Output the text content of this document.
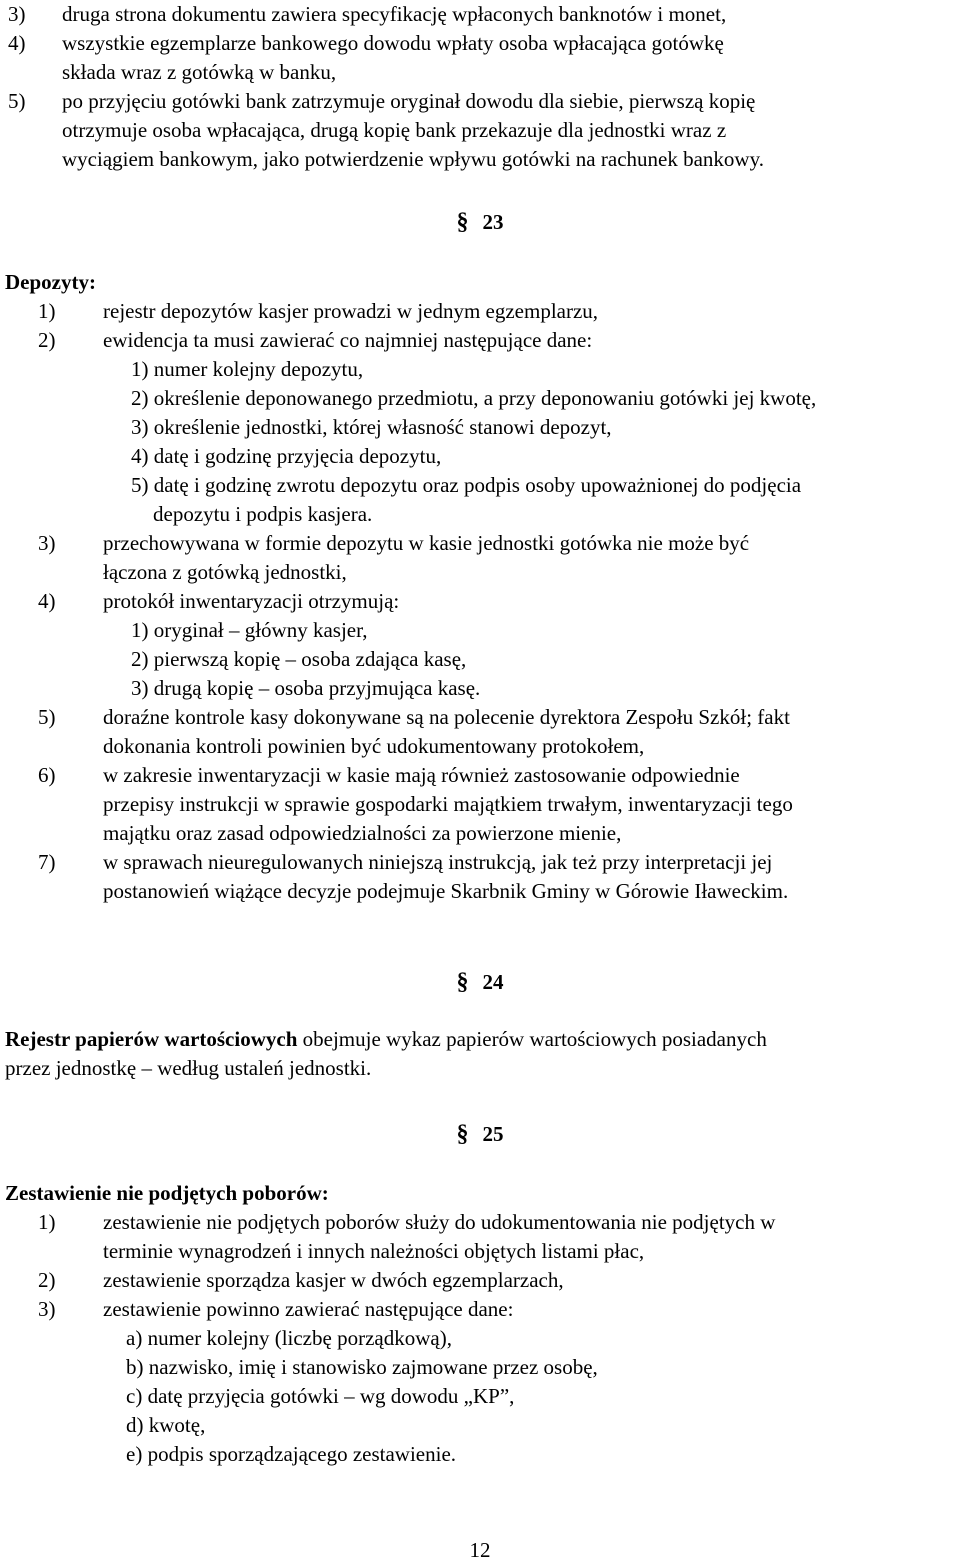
3) druga strona dokumentu zawiera specyfikację wpłaconych banknotów i monet,
4) wszystkie egzemplarze bankowego dowodu wpłaty osoba wpłacająca gotówkę
składa wraz z gotówką w banku,
5) po przyjęciu gotówki bank zatrzymuje oryginał dowodu dla siebie, pierwszą kopię
otrzymuje osoba wpłacająca, drugą kopię bank przekazuje dla jednostki wraz z
wyciągiem bankowym, jako potwierdzenie wpływu gotówki na rachunek bankowy.
§ 23
Depozyty:
1) rejestr depozytów kasjer prowadzi w jednym egzemplarzu,
2) ewidencja ta musi zawierać co najmniej następujące dane:
1) numer kolejny depozytu,
2) określenie deponowanego przedmiotu, a przy deponowaniu gotówki jej kwotę,
3) określenie jednostki, której własność stanowi depozyt,
4) datę i godzinę przyjęcia depozytu,
5) datę i godzinę zwrotu depozytu oraz podpis osoby upoważnionej do podjęcia
depozytu i podpis kasjera.
3) przechowywana w formie depozytu w kasie jednostki gotówka nie może być
łączona z gotówką jednostki,
4) protokół inwentaryzacji otrzymują:
1) oryginał – główny kasjer,
2) pierwszą kopię – osoba zdająca kasę,
3) drugą kopię – osoba przyjmująca kasę.
5) doraźne kontrole kasy dokonywane są na polecenie dyrektora Zespołu Szkół; fakt
dokonania kontroli powinien być udokumentowany protokołem,
6) w zakresie inwentaryzacji w kasie mają również zastosowanie odpowiednie
przepisy instrukcji w sprawie gospodarki majątkiem trwałym, inwentaryzacji tego
majątku oraz zasad odpowiedzialności za powierzone mienie,
7) w sprawach nieuregulowanych niniejszą instrukcją, jak też przy interpretacji jej
postanowień wiążące decyzje podejmuje Skarbnik Gminy w Górowie Iławeckim.
§ 24
Rejestr papierów wartościowych obejmuje wykaz papierów wartościowych posiadanych
przez jednostkę – według ustaleń jednostki.
§ 25
Zestawienie nie podjętych poborów:
1) zestawienie nie podjętych poborów służy do udokumentowania nie podjętych w
terminie wynagrodzeń i innych należności objętych listami płac,
2) zestawienie sporządza kasjer w dwóch egzemplarzach,
3) zestawienie powinno zawierać następujące dane:
a) numer kolejny (liczbę porządkową),
b) nazwisko, imię i stanowisko zajmowane przez osobę,
c) datę przyjęcia gotówki – wg dowodu „KP”,
d) kwotę,
e) podpis sporządzającego zestawienie.
12
